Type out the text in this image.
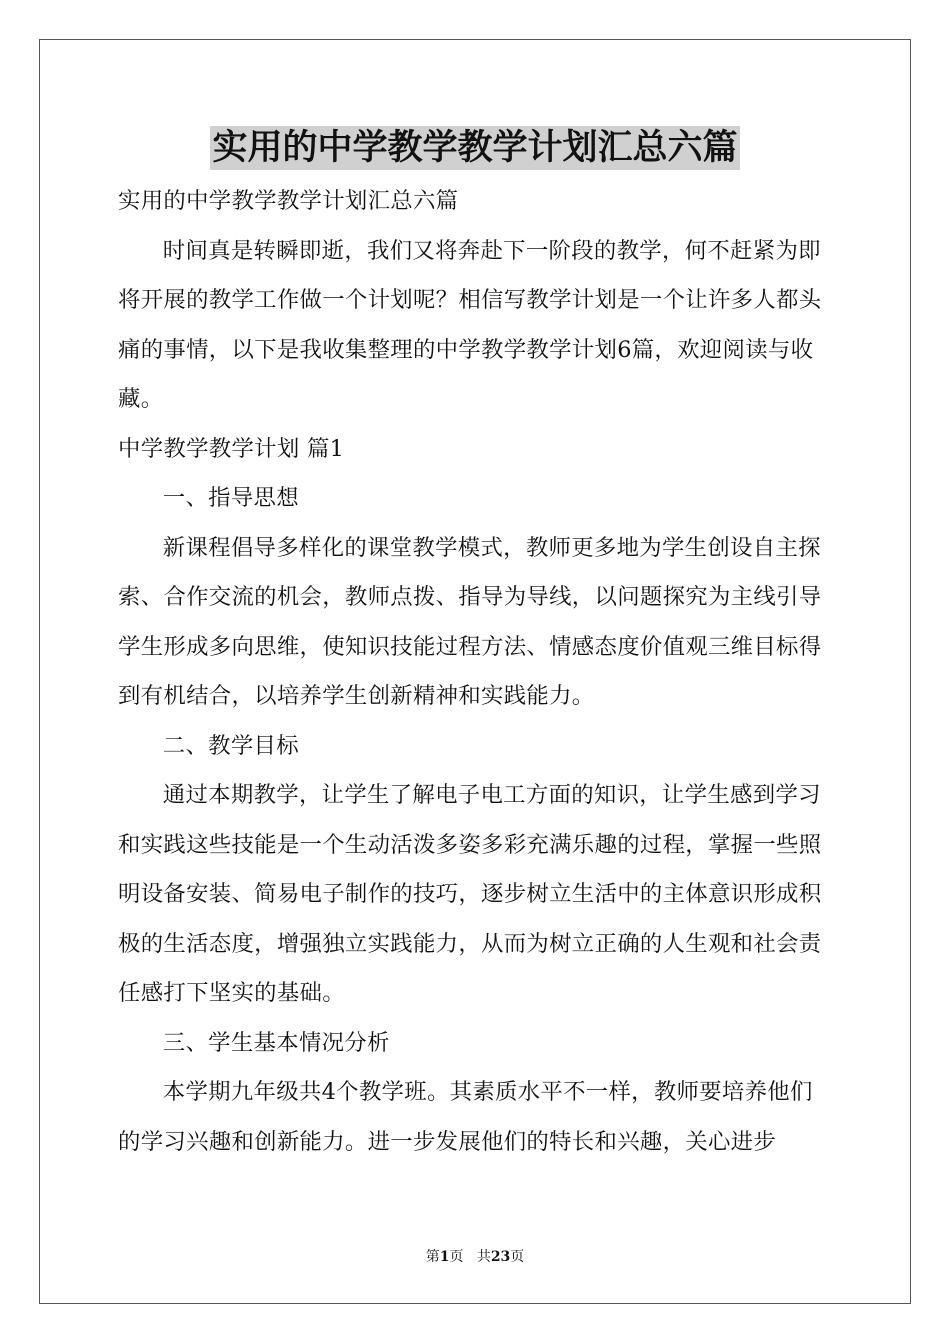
实用的中学教学教学计划汇总六篇

实用的中学教学教学计划汇总六篇

时间真是转瞬即逝，我们又将奔赴下一阶段的教学，何不赶紧为即将开展的教学工作做一个计划呢？相信写教学计划是一个让许多人都头痛的事情，以下是我收集整理的中学教学教学计划6篇，欢迎阅读与收藏。

中学教学教学计划 篇1

一、指导思想

新课程倡导多样化的课堂教学模式，教师更多地为学生创设自主探索、合作交流的机会，教师点拨、指导为导线，以问题探究为主线引导学生形成多向思维，使知识技能过程方法、情感态度价值观三维目标得到有机结合，以培养学生创新精神和实践能力。

二、教学目标

通过本期教学，让学生了解电子电工方面的知识，让学生感到学习和实践这些技能是一个生动活泼多姿多彩充满乐趣的过程，掌握一些照明设备安装、简易电子制作的技巧，逐步树立生活中的主体意识形成积极的生活态度，增强独立实践能力，从而为树立正确的人生观和社会责任感打下坚实的基础。

三、学生基本情况分析

本学期九年级共4个教学班。其素质水平不一样，教师要培养他们的学习兴趣和创新能力。进一步发展他们的特长和兴趣，关心进步

第1页 共23页
